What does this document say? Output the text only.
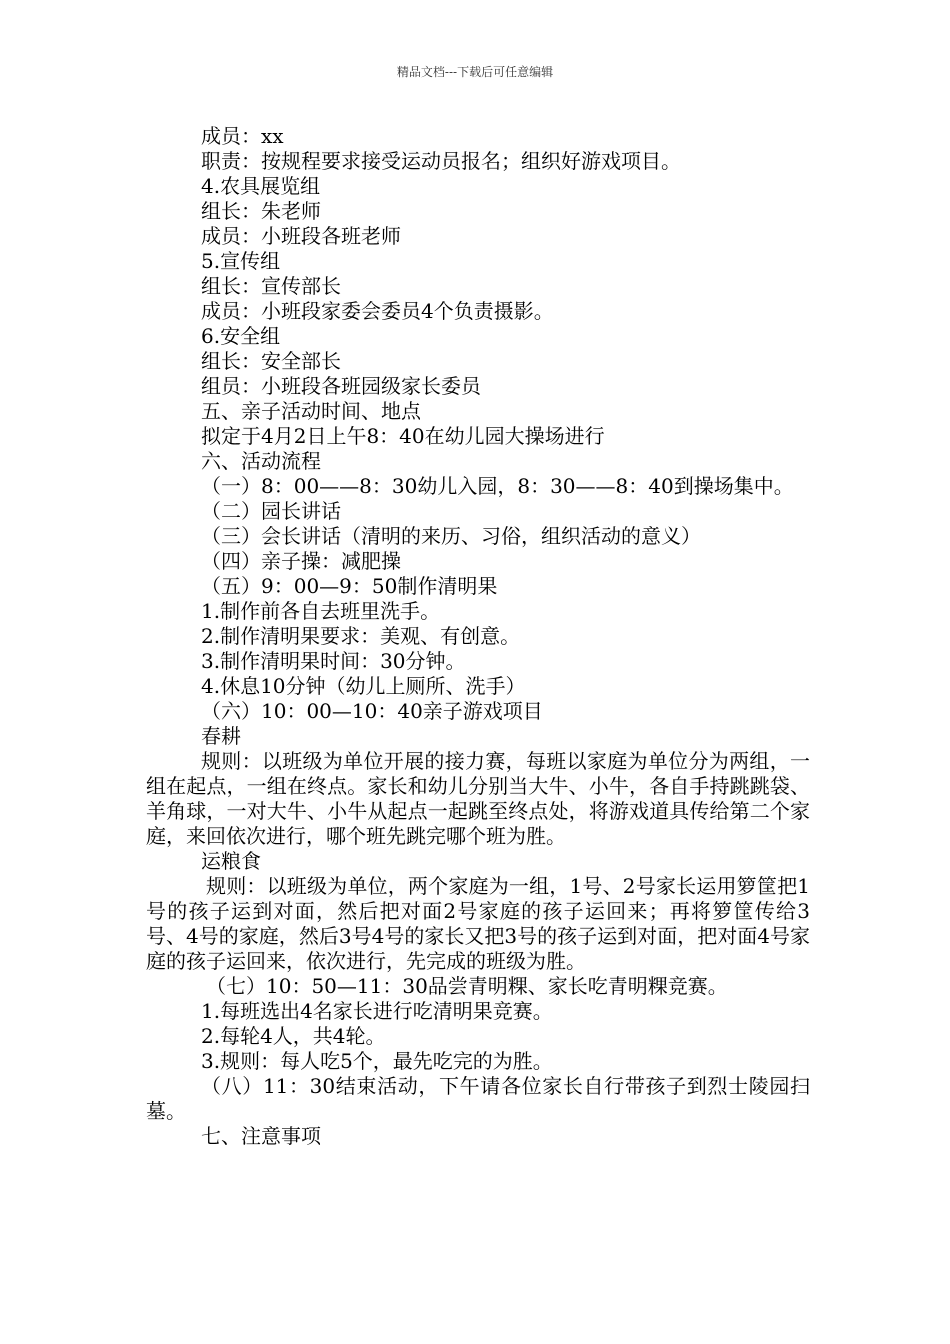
精品文档---下载后可任意编辑

成员：xx

职责：按规程要求接受运动员报名；组织好游戏项目。

4.农具展览组

组长：朱老师

成员：小班段各班老师

5.宣传组

组长：宣传部长

成员：小班段家委会委员4个负责摄影。

6.安全组

组长：安全部长

组员：小班段各班园级家长委员

五、亲子活动时间、地点

拟定于4月2日上午8：40在幼儿园大操场进行

六、活动流程

（一）8：00——8：30幼儿入园，8：30——8：40到操场集中。

（二）园长讲话

（三）会长讲话（清明的来历、习俗，组织活动的意义）

（四）亲子操：减肥操

（五）9：00—9：50制作清明果

1.制作前各自去班里洗手。

2.制作清明果要求：美观、有创意。

3.制作清明果时间：30分钟。

4.休息10分钟（幼儿上厕所、洗手）

（六）10：00—10：40亲子游戏项目

春耕

规则：以班级为单位开展的接力赛，每班以家庭为单位分为两组，一组在起点，一组在终点。家长和幼儿分别当大牛、小牛，各自手持跳跳袋、羊角球，一对大牛、小牛从起点一起跳至终点处，将游戏道具传给第二个家庭，来回依次进行，哪个班先跳完哪个班为胜。

运粮食

规则：以班级为单位，两个家庭为一组，1号、2号家长运用箩筐把1号的孩子运到对面，然后把对面2号家庭的孩子运回来；再将箩筐传给3号、4号的家庭，然后3号4号的家长又把3号的孩子运到对面，把对面4号家庭的孩子运回来，依次进行，先完成的班级为胜。

（七）10：50—11：30品尝青明粿、家长吃青明粿竞赛。

1.每班选出4名家长进行吃清明果竞赛。

2.每轮4人，共4轮。

3.规则：每人吃5个，最先吃完的为胜。

（八）11：30结束活动，下午请各位家长自行带孩子到烈士陵园扫墓。

七、注意事项
